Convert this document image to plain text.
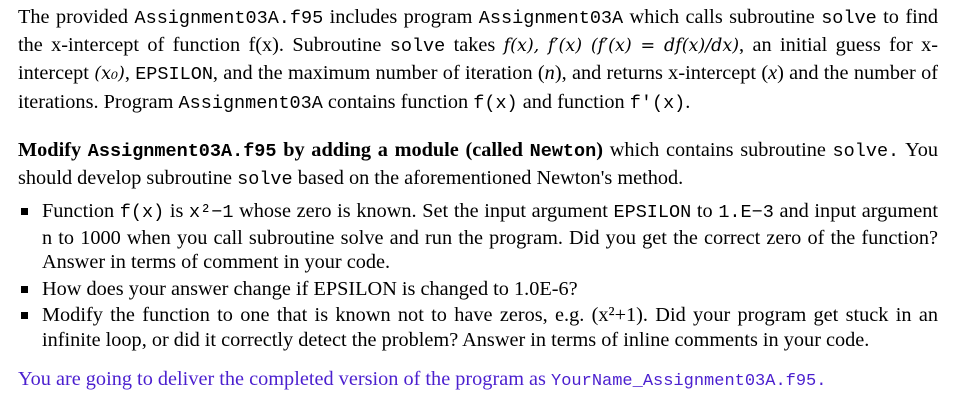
The provided Assignment03A.f95 includes program Assignment03A which calls subroutine solve to find the x-intercept of function f(x). Subroutine solve takes f(x), f′(x) (f′(x) = df(x)/dx), an initial guess for x-intercept (x₀), EPSILON, and the maximum number of iteration (n), and returns x-intercept (x) and the number of iterations. Program Assignment03A contains function f(x) and function f'(x).

Modify Assignment03A.f95 by adding a module (called Newton) which contains subroutine solve. You should develop subroutine solve based on the aforementioned Newton's method.

Function f(x) is x²−1 whose zero is known. Set the input argument EPSILON to 1.E−3 and input argument n to 1000 when you call subroutine solve and run the program. Did you get the correct zero of the function? Answer in terms of comment in your code.
How does your answer change if EPSILON is changed to 1.0E-6?
Modify the function to one that is known not to have zeros, e.g. (x²+1). Did your program get stuck in an infinite loop, or did it correctly detect the problem? Answer in terms of inline comments in your code.

You are going to deliver the completed version of the program as YourName_Assignment03A.f95.
